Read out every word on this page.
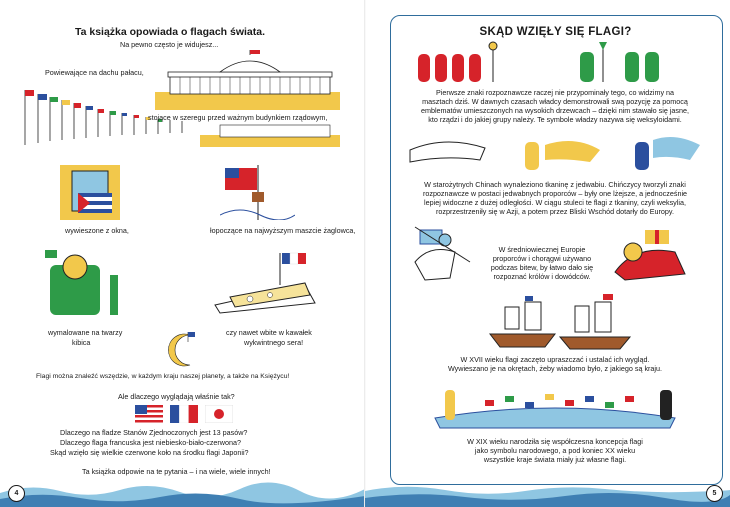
Ta książka opowiada o flagach świata.
Na pewno często je widujesz...
Powiewające na dachu pałacu,
stojące w szeregu przed ważnym budynkiem rządowym,
wywieszone z okna,	łopoczące na najwyższym maszcie żaglowca,
wymalowane na twarzy
kibica
czy nawet wbite w kawałek
wykwintnego sera!
Flagi można znaleźć wszędzie, w każdym kraju naszej planety, a także na Księżycu!
Ale dlaczego wyglądają właśnie tak?
Dlaczego na fladze Stanów Zjednoczonych jest 13 pasów?
Dlaczego flaga francuska jest niebiesko-biało-czerwona?
Skąd wzięło się wielkie czerwone koło na środku flagi Japonii?
Ta książka odpowie na te pytania – i na wiele, wiele innych!
4
SKĄD WZIĘŁY SIĘ FLAGI?
Pierwsze znaki rozpoznawcze raczej nie przypominały tego, co widzimy na
masztach dziś. W dawnych czasach władcy demonstrowali swą pozycję za pomocą
emblematów umieszczonych na wysokich drzewcach – dzięki nim stawało się jasne,
kto rządzi i do jakiej grupy należy. Te symbole władzy nazywa się weksyloidami.
W starożytnych Chinach wynaleziono tkaninę z jedwabiu. Chińczycy tworzyli znaki
rozpoznawcze w postaci jedwabnych proporców – były one lżejsze, a jednocześnie
lepiej widoczne z dużej odległości. W ciągu stuleci te flagi z tkaniny, czyli weksylia,
rozprzestrzeniły się w Azji, a potem przez Bliski Wschód dotarły do Europy.
W średniowiecznej Europie
proporców i chorągwi używano
podczas bitew, by łatwo dało się
rozpoznać królów i dowódców.
W XVII wieku flagi zaczęto upraszczać i ustalać ich wygląd.
Wywieszano je na okrętach, żeby wiadomo było, z jakiego są kraju.
W XIX wieku narodziła się współczesna koncepcja flagi
jako symbolu narodowego, a pod koniec XX wieku
wszystkie kraje świata miały już własne flagi.
5
